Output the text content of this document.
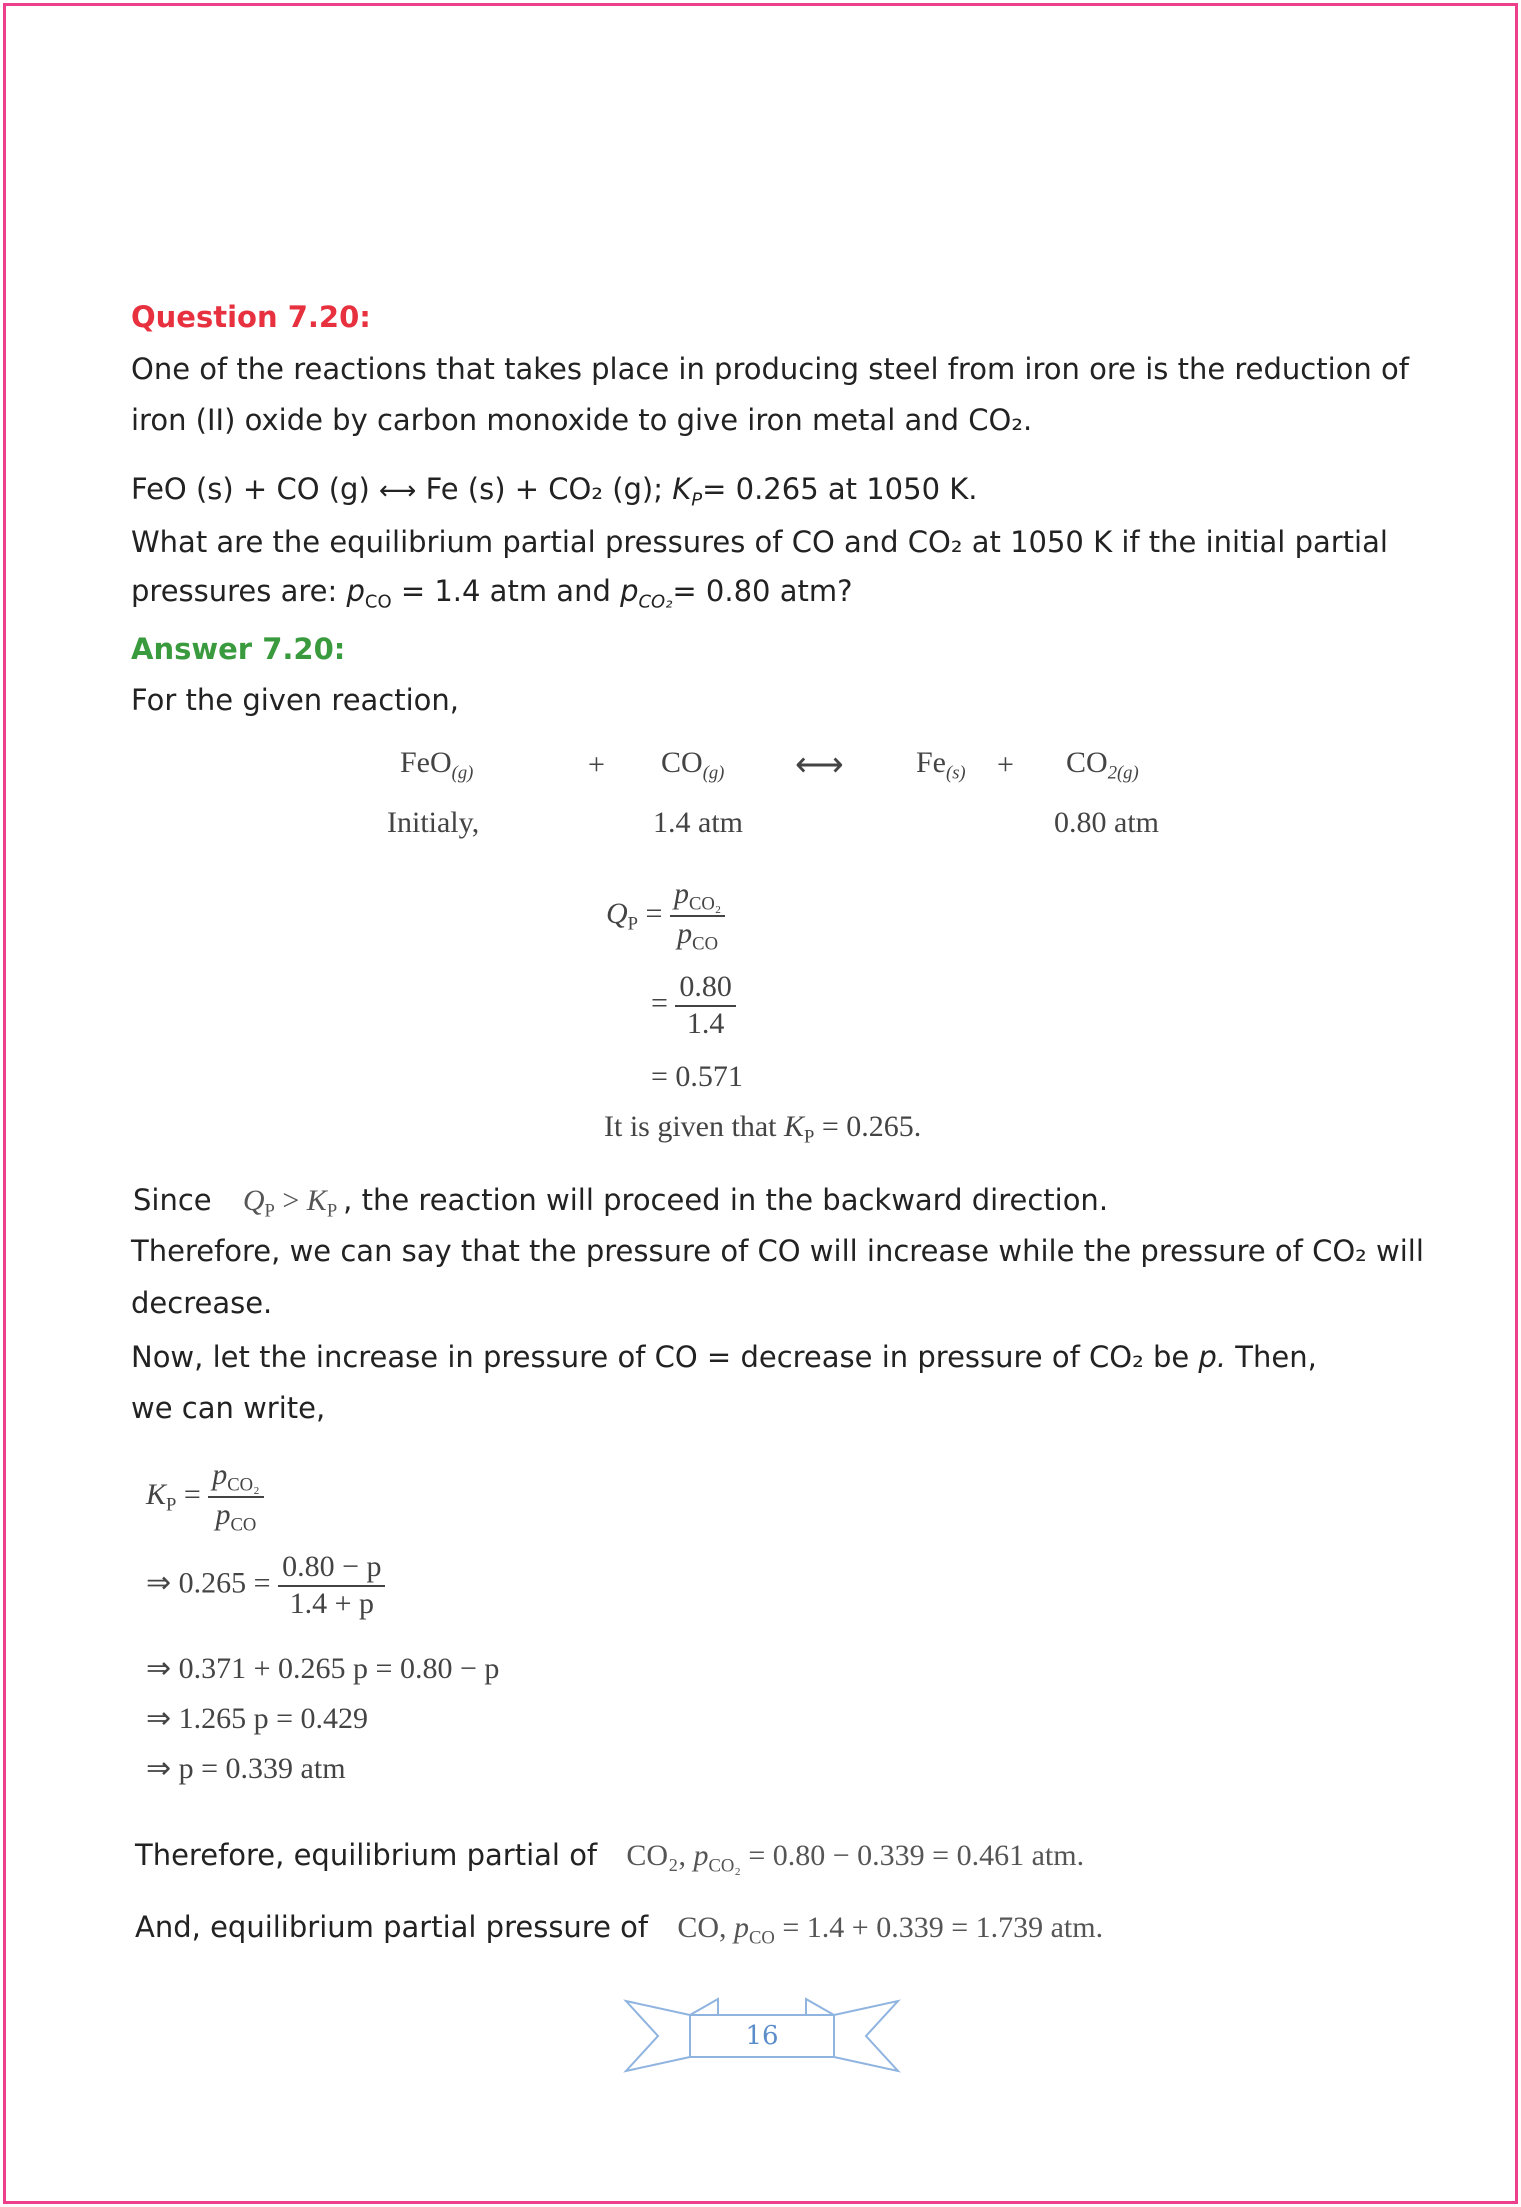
Question 7.20:
One of the reactions that takes place in producing steel from iron ore is the reduction of
iron (II) oxide by carbon monoxide to give iron metal and CO₂.
FeO (s) + CO (g) ⟷ Fe (s) + CO₂ (g); $K_P= 0.265$ at 1050 K.
What are the equilibrium partial pressures of CO and CO₂ at 1050 K if the initial partial
pressures are: $p_{CO} = 1.4$ atm and $p_{CO_2}= 0.80$ atm?
Answer 7.20:
For the given reaction,
FeO$_{(g)}$	+ $CO_{(g)}$ ⟷ $Fe_{(s)} + CO_{2(g)}$
Initialy,	1.4 atm	0.80 atm
$Q_P$ =
$p_{CO_2}$
$p_{CO}$
= $\frac{0.80}{1.4}$
= 0.571
It is given that $K_P = 0.265$.
Since $Q_P > K_P$ , the reaction will proceed in the backward direction.
Therefore, we can say that the pressure of CO will increase while the pressure of CO₂ will
decrease.
Now, let the increase in pressure of CO = decrease in pressure of CO₂ be p. Then,
we can write,
$K_P$ =
$p_{CO_2}$
$p_{CO}$
⇒ $0.265 = \frac{0.80 - p}{1.4 + p}$
⇒ 0.371 + 0.265 p = 0.80 − p
⇒ 1.265 p = 0.429
⇒ p = 0.339 atm
Therefore, equilibrium partial of CO₂, $p_{CO_2} = 0.80 - 0.339 = 0.461$ atm.
And, equilibrium partial pressure of CO, $p_{CO} = 1.4 + 0.339 = 1.739$ atm.
16
